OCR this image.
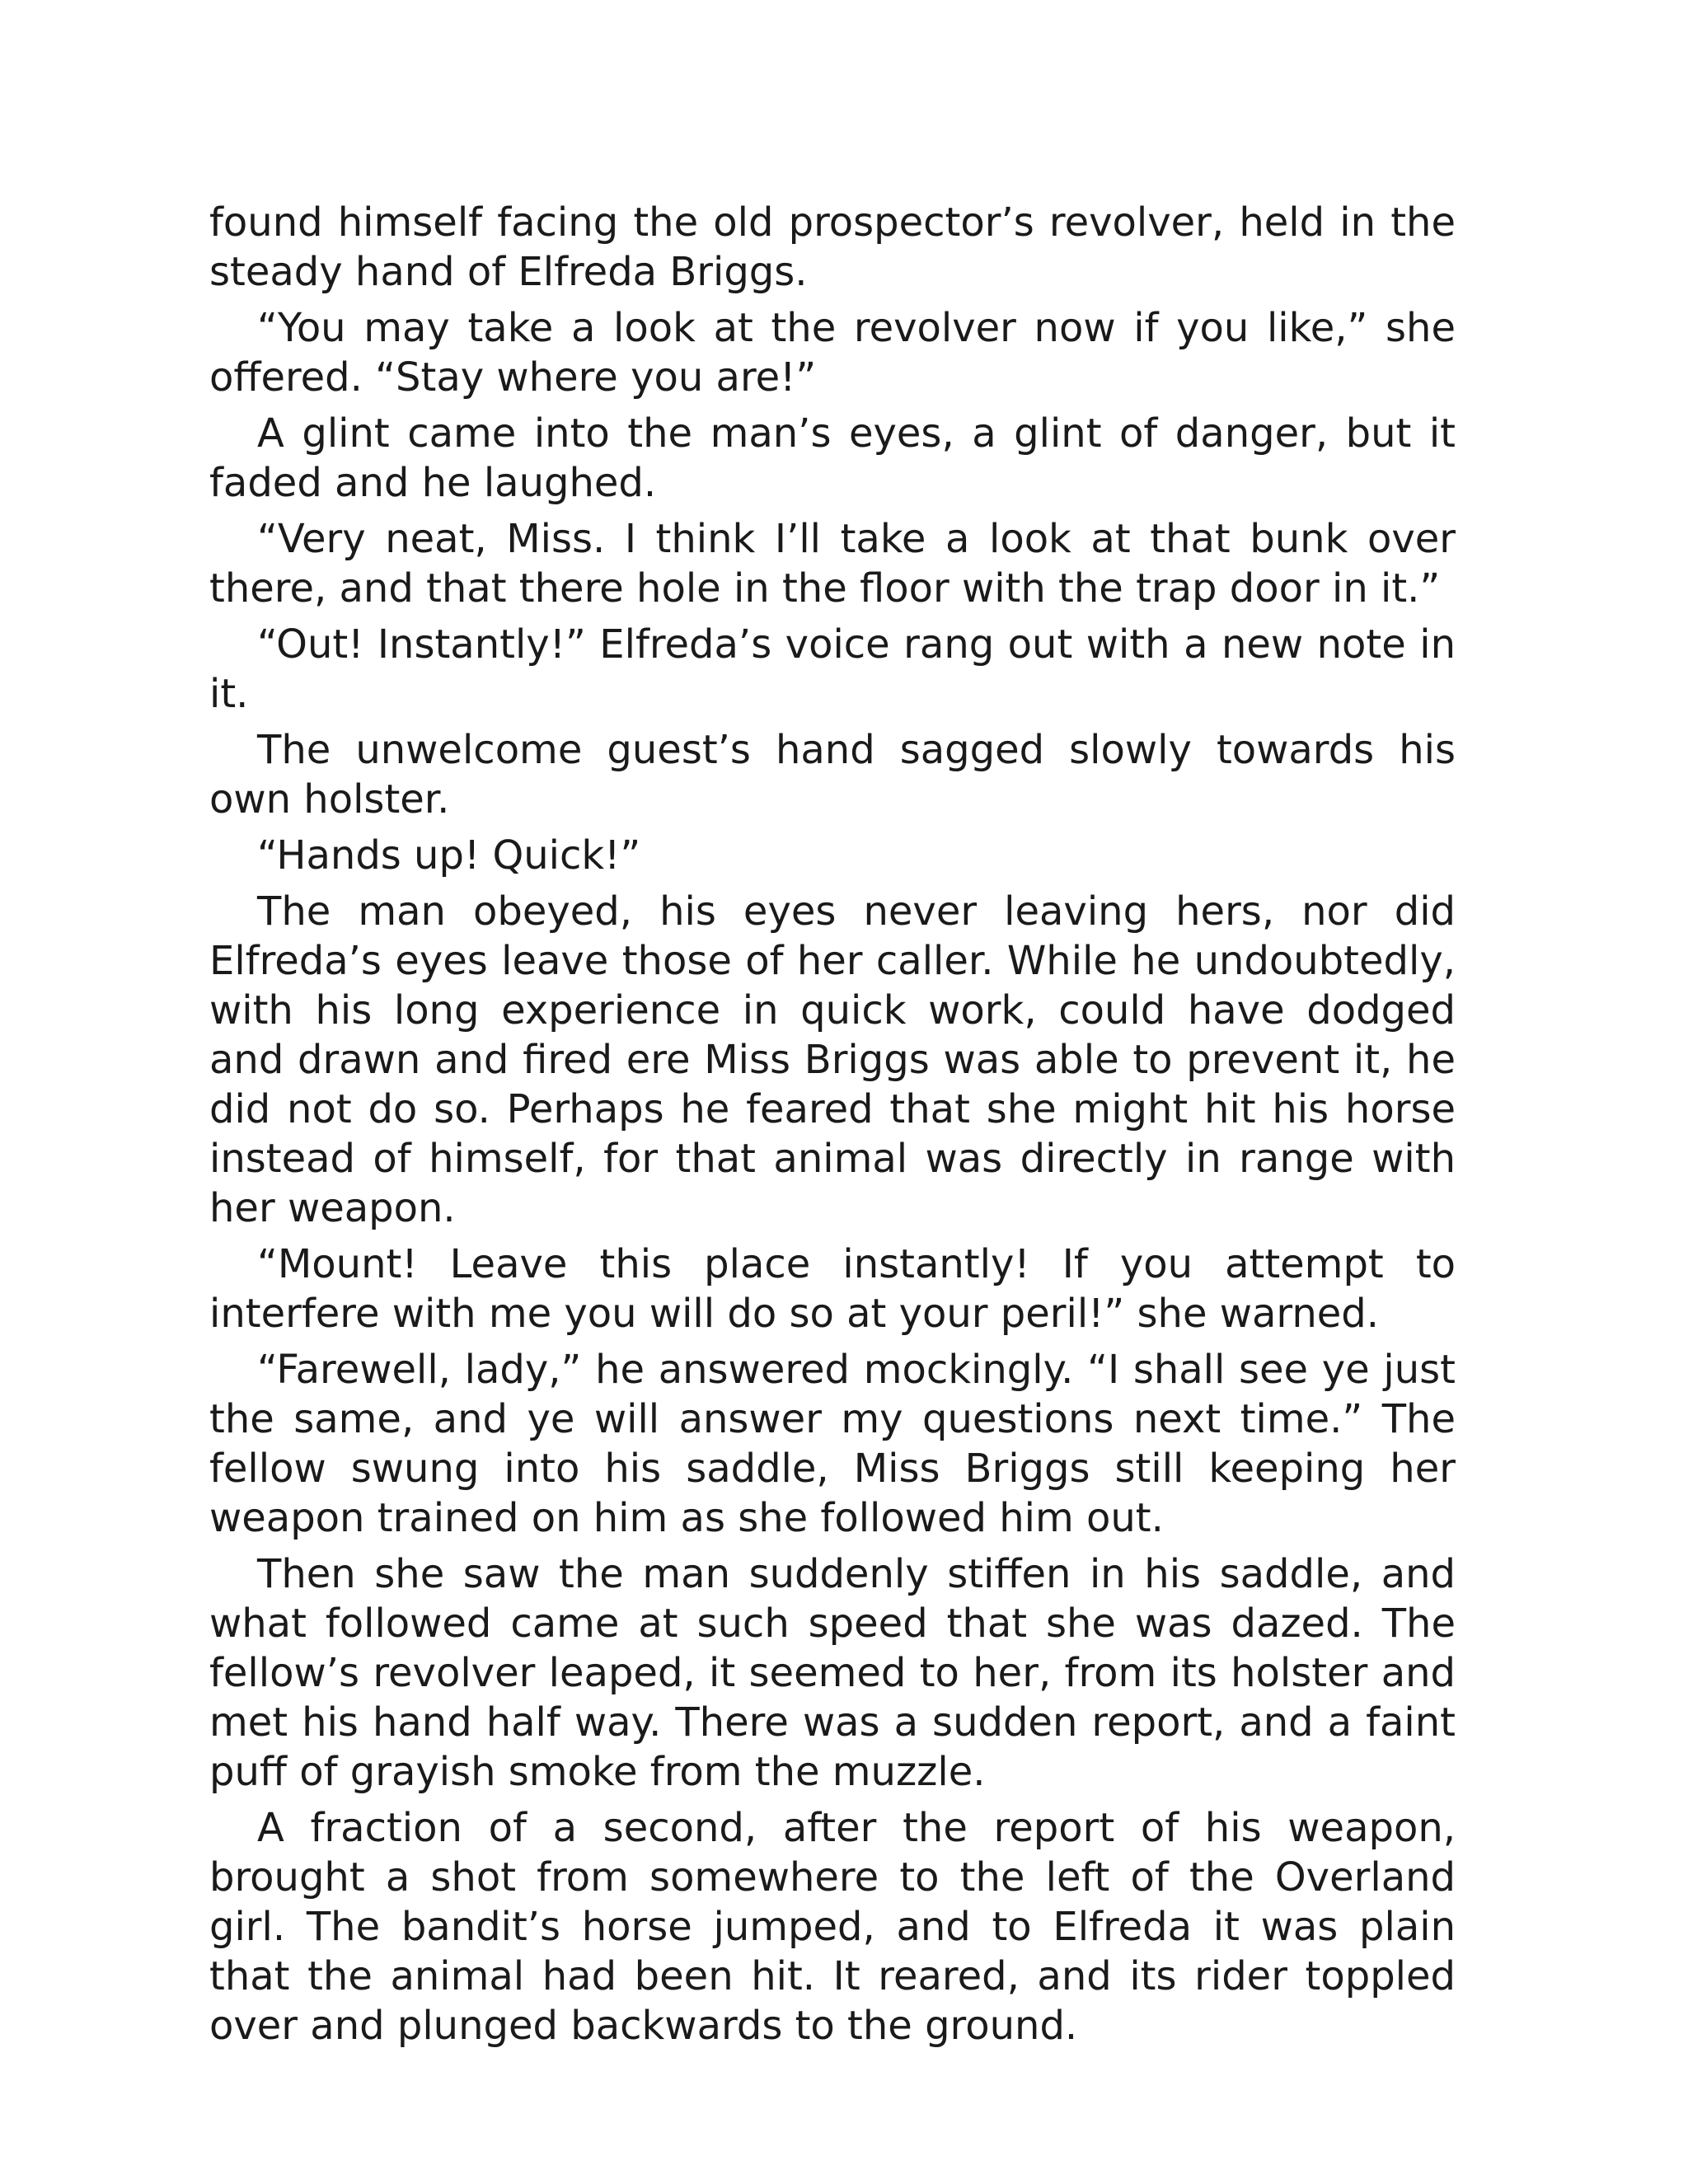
found himself facing the old prospector’s revolver, held in the steady hand of Elfreda Briggs.

“You may take a look at the revolver now if you like,” she offered. “Stay where you are!”

A glint came into the man’s eyes, a glint of danger, but it faded and he laughed.

“Very neat, Miss. I think I’ll take a look at that bunk over there, and that there hole in the floor with the trap door in it.”

“Out! Instantly!” Elfreda’s voice rang out with a new note in it.

The unwelcome guest’s hand sagged slowly towards his own holster.

“Hands up! Quick!”

The man obeyed, his eyes never leaving hers, nor did Elfreda’s eyes leave those of her caller. While he undoubtedly, with his long experience in quick work, could have dodged and drawn and fired ere Miss Briggs was able to prevent it, he did not do so. Perhaps he feared that she might hit his horse instead of himself, for that animal was directly in range with her weapon.

“Mount! Leave this place instantly! If you attempt to interfere with me you will do so at your peril!” she warned.

“Farewell, lady,” he answered mockingly. “I shall see ye just the same, and ye will answer my questions next time.” The fellow swung into his saddle, Miss Briggs still keeping her weapon trained on him as she followed him out.

Then she saw the man suddenly stiffen in his saddle, and what followed came at such speed that she was dazed. The fellow’s revolver leaped, it seemed to her, from its holster and met his hand half way. There was a sudden report, and a faint puff of grayish smoke from the muzzle.

A fraction of a second, after the report of his weapon, brought a shot from somewhere to the left of the Overland girl. The bandit’s horse jumped, and to Elfreda it was plain that the animal had been hit. It reared, and its rider toppled over and plunged backwards to the ground.
